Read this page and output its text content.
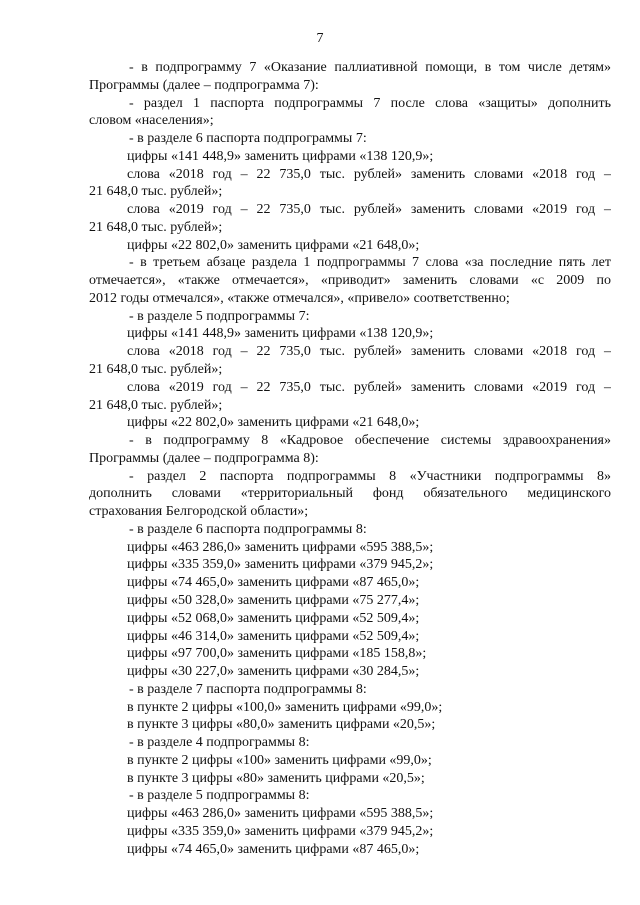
7
- в подпрограмму 7 «Оказание паллиативной помощи, в том числе детям»
Программы (далее – подпрограмма 7):
- раздел 1 паспорта подпрограммы 7 после слова «защиты» дополнить
словом «населения»;
- в разделе 6 паспорта подпрограммы 7:
цифры «141 448,9» заменить цифрами «138 120,9»;
слова «2018 год – 22 735,0 тыс. рублей» заменить словами «2018 год –
21 648,0 тыс. рублей»;
слова «2019 год – 22 735,0 тыс. рублей» заменить словами «2019 год –
21 648,0 тыс. рублей»;
цифры «22 802,0» заменить цифрами «21 648,0»;
- в третьем абзаце раздела 1 подпрограммы 7 слова «за последние пять лет
отмечается», «также отмечается», «приводит» заменить словами «с 2009 по
2012 годы отмечался», «также отмечался», «привело» соответственно;
- в разделе 5 подпрограммы 7:
цифры «141 448,9» заменить цифрами «138 120,9»;
слова «2018 год – 22 735,0 тыс. рублей» заменить словами «2018 год –
21 648,0 тыс. рублей»;
слова «2019 год – 22 735,0 тыс. рублей» заменить словами «2019 год –
21 648,0 тыс. рублей»;
цифры «22 802,0» заменить цифрами «21 648,0»;
- в подпрограмму 8 «Кадровое обеспечение системы здравоохранения»
Программы (далее – подпрограмма 8):
- раздел 2 паспорта подпрограммы 8 «Участники подпрограммы 8»
дополнить словами «территориальный фонд обязательного медицинского
страхования Белгородской области»;
- в разделе 6 паспорта подпрограммы 8:
цифры «463 286,0» заменить цифрами «595 388,5»;
цифры «335 359,0» заменить цифрами «379 945,2»;
цифры «74 465,0» заменить цифрами «87 465,0»;
цифры «50 328,0» заменить цифрами «75 277,4»;
цифры «52 068,0» заменить цифрами «52 509,4»;
цифры «46 314,0» заменить цифрами «52 509,4»;
цифры «97 700,0» заменить цифрами «185 158,8»;
цифры «30 227,0» заменить цифрами «30 284,5»;
- в разделе 7 паспорта подпрограммы 8:
в пункте 2 цифры «100,0» заменить цифрами «99,0»;
в пункте 3 цифры «80,0» заменить цифрами «20,5»;
- в разделе 4 подпрограммы 8:
в пункте 2 цифры «100» заменить цифрами «99,0»;
в пункте 3 цифры «80» заменить цифрами «20,5»;
- в разделе 5 подпрограммы 8:
цифры «463 286,0» заменить цифрами «595 388,5»;
цифры «335 359,0» заменить цифрами «379 945,2»;
цифры «74 465,0» заменить цифрами «87 465,0»;
